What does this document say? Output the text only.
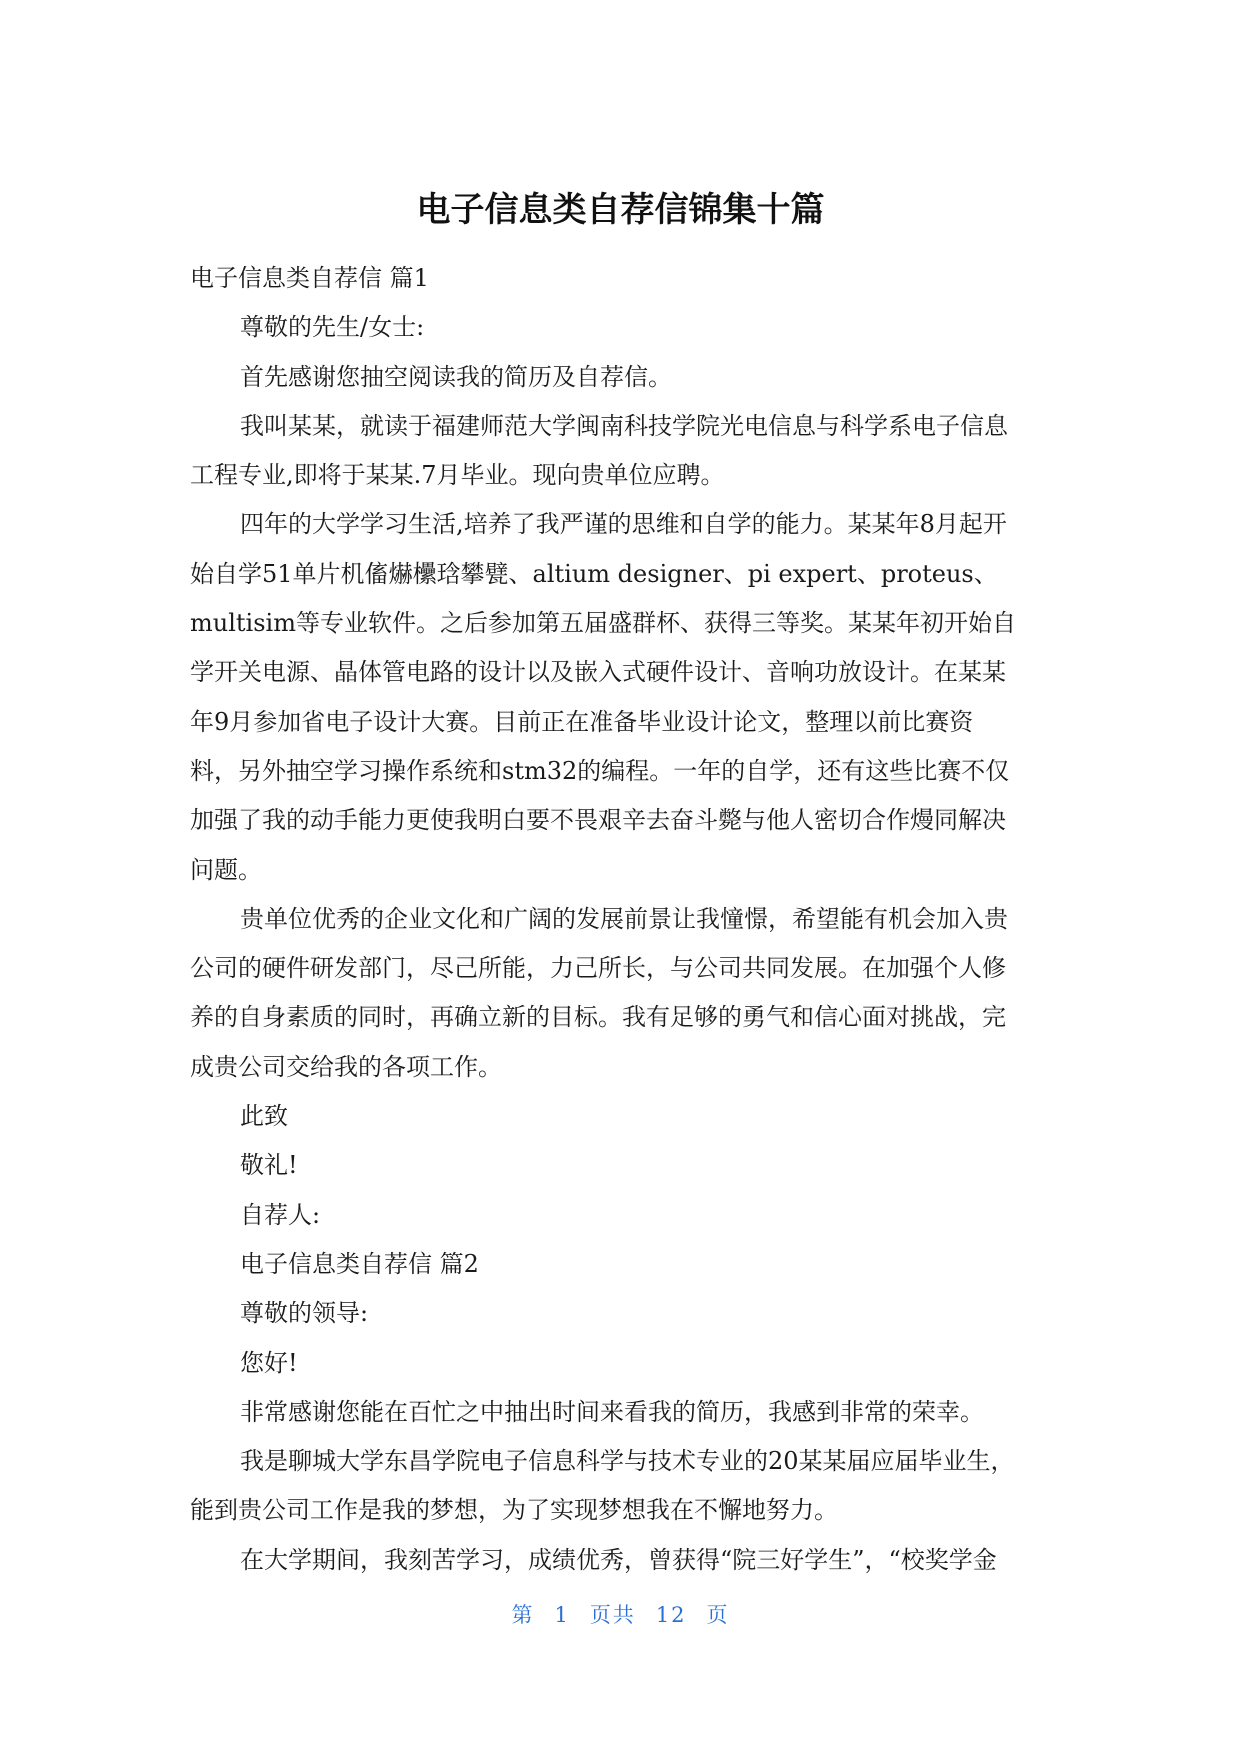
电子信息类自荐信锦集十篇

电子信息类自荐信 篇1

尊敬的先生/女士:

首先感谢您抽空阅读我的简历及自荐信。

我叫某某，就读于福建师范大学闽南科技学院光电信息与科学系电子信息

工程专业,即将于某某.7月毕业。现向贵单位应聘。

四年的大学学习生活,培养了我严谨的思维和自学的能力。某某年8月起开

始自学51单片机傗爀欙琀攀甓、altium designer、pi expert、proteus、

multisim等专业软件。之后参加第五届盛群杯、获得三等奖。某某年初开始自

学开关电源、晶体管电路的设计以及嵌入式硬件设计、音响功放设计。在某某

年9月参加省电子设计大赛。目前正在准备毕业设计论文，整理以前比赛资

料，另外抽空学习操作系统和stm32的编程。一年的自学，还有这些比赛不仅

加强了我的动手能力更使我明白要不畏艰辛去奋斗斃与他人密切合作熳同解决

问题。

贵单位优秀的企业文化和广阔的发展前景让我憧憬，希望能有机会加入贵

公司的硬件研发部门，尽己所能，力己所长，与公司共同发展。在加强个人修

养的自身素质的同时，再确立新的目标。我有足够的勇气和信心面对挑战，完

成贵公司交给我的各项工作。

此致

敬礼!

自荐人:

电子信息类自荐信 篇2

尊敬的领导:

您好!

非常感谢您能在百忙之中抽出时间来看我的简历，我感到非常的荣幸。

我是聊城大学东昌学院电子信息科学与技术专业的20某某届应届毕业生，

能到贵公司工作是我的梦想，为了实现梦想我在不懈地努力。

在大学期间，我刻苦学习，成绩优秀，曾获得“院三好学生”，“校奖学金

第 1 页共 12 页
